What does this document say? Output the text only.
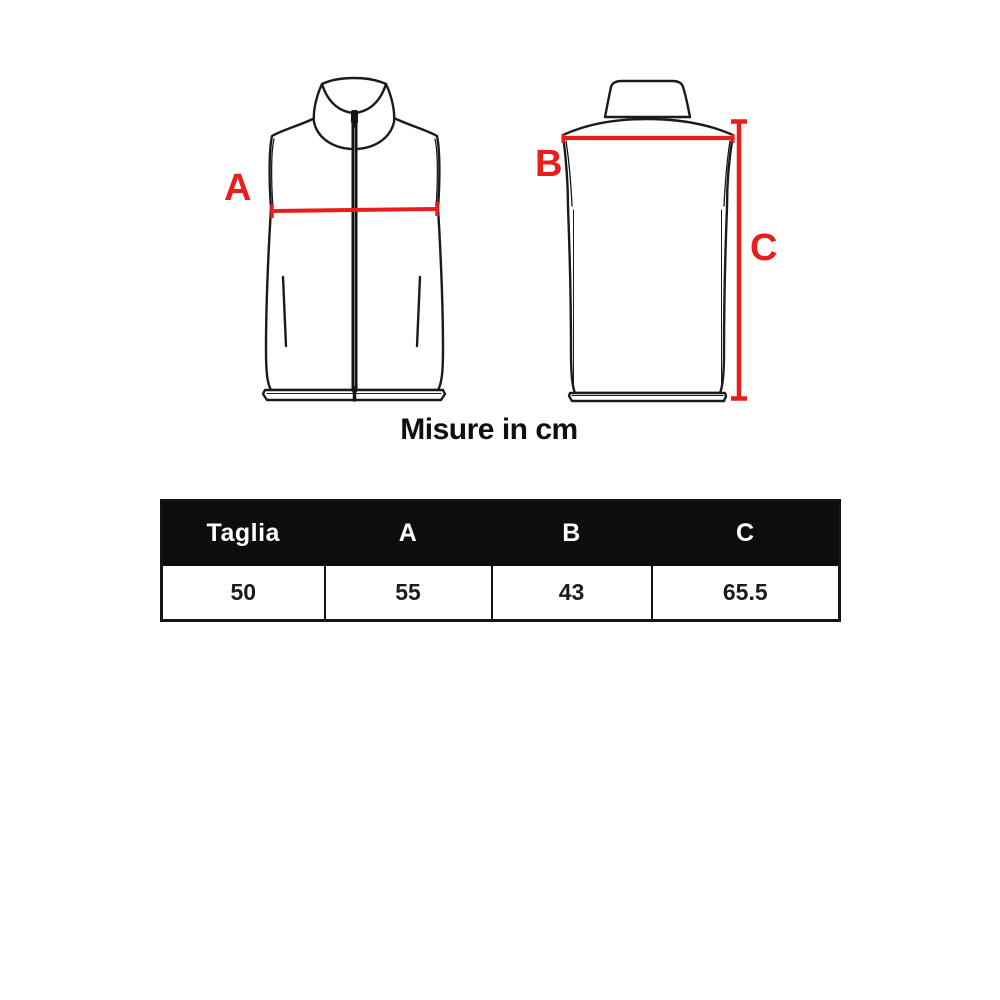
A
B
C
Misure in cm
Taglia	A	B	C
50	55	43	65.5
